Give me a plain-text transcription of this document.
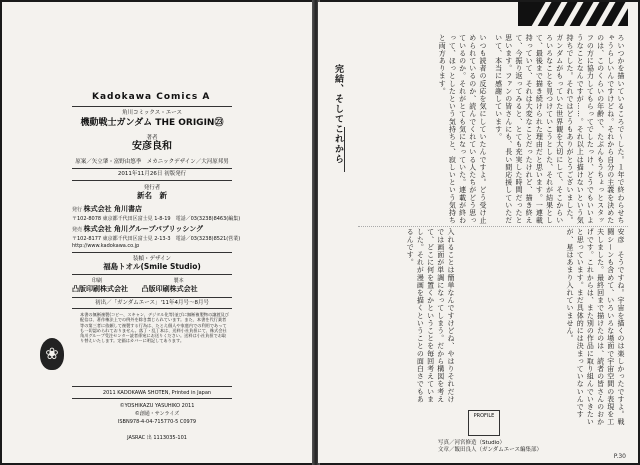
Kadokawa Comics A
角川コミックス・エース
機動戦士ガンダム THE ORIGIN㉓
著者
安彦良和
原案／矢立肇・富野由悠季　メカニックデザイン／大河原邦男
2011年11月26日 初版発行
発行者
新名　新
発行 株式会社 角川書店
〒102-8078 東京都千代田区富士見 1-8-19　電話／03(3238)8463(編集)
発売 株式会社 角川グループパブリッシング
〒102-8177 東京都千代田区富士見 2-13-3　電話／03(3238)8521(営業)
http://www.kadokawa.co.jp
装幀・デザイン
福島トオル(Smile Studio)
印刷	製本
凸版印刷株式会社 凸版印刷株式会社
初出／「ガンダムエース」'11年4月号～8月号
本書の無断複製(コピー、スキャン、デジタル化等)並びに無断複製物の譲渡及び配信は、著作権法上での例外を除き禁じられています。また、本書を代行業者等の第三者に依頼して複製する行為は、たとえ個人や家庭内での利用であっても一切認められておりません。落丁・乱丁本は、送料小社負担にて、株式会社角川グループ受注センター読者係宛にお送りください。送料は小社負担でお取り替えいたします。定価はカバーに明記してあります。
❀
2011 KADOKAWA SHOTEN, Printed in Japan
©YOSHIKAZU YASUHIKO 2011
©創通・サンライズ
ISBN978-4-04-715770-5 C0979
JASRAC 出 1113035-101
完結、そしてこれから	ろいつかを描いているころで〜した。１年で終わらせちゃうらしいんですけどね。それから自分の主義を決めたのは、このくらいの年齢で、たぶんもうちょっとスタッフの方に協力してもらってでしたっけ、どうでもいいようなことなんですが……。それ以上は描けないという気持ちでした。それではどうもありがとうございました。ガンダムがもっていた世界観を大切にして、そこからいろいろなことを見つけていこうとした、それが結果として、最後まで描き続けられた理由だと思います。一連載持っていて、それは大変なことだったけれど、描き終えて、今振り返ってみると、とても充実した時間だったと思います。ファンの皆さんにも、長い間応援していただいて、本当に感謝しています。
いつも読者の反応を気にしていたんですよ。どう受け止められているのか、読んでくれている人たちがどう思っているのか。それがとても気になっていた。連載が終わって、ほっとしたという気持ちと、寂しいという気持ちと両方あります。
安彦　そうですね。宇宙を描くのは楽しかったですよ。戦闘シーンも含めて、いろいろな場面で宇宙空間の表現を工夫しました。最終回まで描けたのは、読者の皆さんのおかげです。これからは、また別の作品に取り組んでいきたいと思っています。まだ具体的には決まっていないんですが、星はあまり入れていません。
入れることは簡単なんですけどね、やはりそれだけでは画面が単調になってしまう。だから構図を考えて、どこに何を置くかということを毎回考えていました。それが漫画を描くということの面白さでもあるんです。
PROFILE
写真／河宮修造（Studio）
文章／飯田良人（ガンダムエース編集部）
P.30
